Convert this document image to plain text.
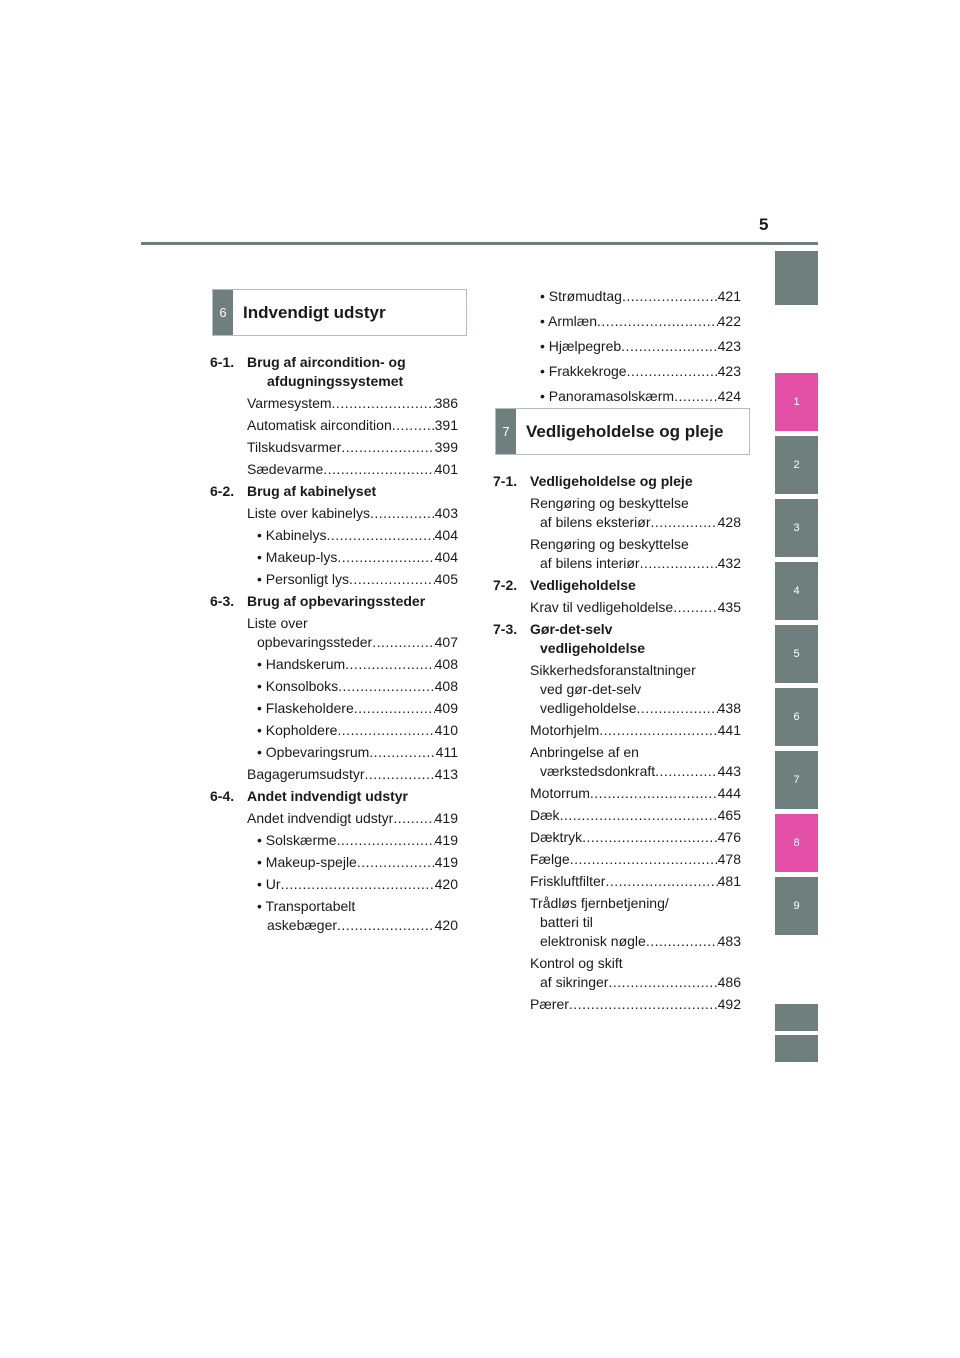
5
1
2
3
4
5
6
7
8
9
6 Indvendigt udstyr
7 Vedligeholdelse og pleje
6-1. Brug af aircondition- og
afdugningssystemet
Varmesystem .....	386
Automatisk aircondition .....	391
Tilskudsvarmer .....	399
Sædevarme .....	401
6-2. Brug af kabinelyset
Liste over kabinelys .....	403
• Kabinelys .....	404
• Makeup-lys .....	404
• Personligt lys .....	405
6-3. Brug af opbevaringssteder
Liste over
opbevaringssteder .....	407
• Handskerum .....	408
• Konsolboks .....	408
• Flaskeholdere .....	409
• Kopholdere .....	410
• Opbevaringsrum .....	411
Bagagerumsudstyr .....	413
6-4. Andet indvendigt udstyr
Andet indvendigt udstyr .....	419
• Solskærme .....	419
• Makeup-spejle .....	419
• Ur .....	420
• Transportabelt
askebæger .....	420
• Strømudtag .....	421
• Armlæn .....	422
• Hjælpegreb .....	423
• Frakkekroge .....	423
• Panoramasolskærm .....	424
7-1. Vedligeholdelse og pleje
Rengøring og beskyttelse
af bilens eksteriør .....	428
Rengøring og beskyttelse
af bilens interiør .....	432
7-2. Vedligeholdelse
Krav til vedligeholdelse .....	435
7-3. Gør-det-selv
vedligeholdelse
Sikkerhedsforanstaltninger
ved gør-det-selv
vedligeholdelse .....	438
Motorhjelm .....	441
Anbringelse af en
værkstedsdonkraft .....	443
Motorrum .....	444
Dæk .....	465
Dæktryk .....	476
Fælge .....	478
Friskluftfilter .....	481
Trådløs fjernbetjening/
batteri til
elektronisk nøgle .....	483
Kontrol og skift
af sikringer .....	486
Pærer .....	492
